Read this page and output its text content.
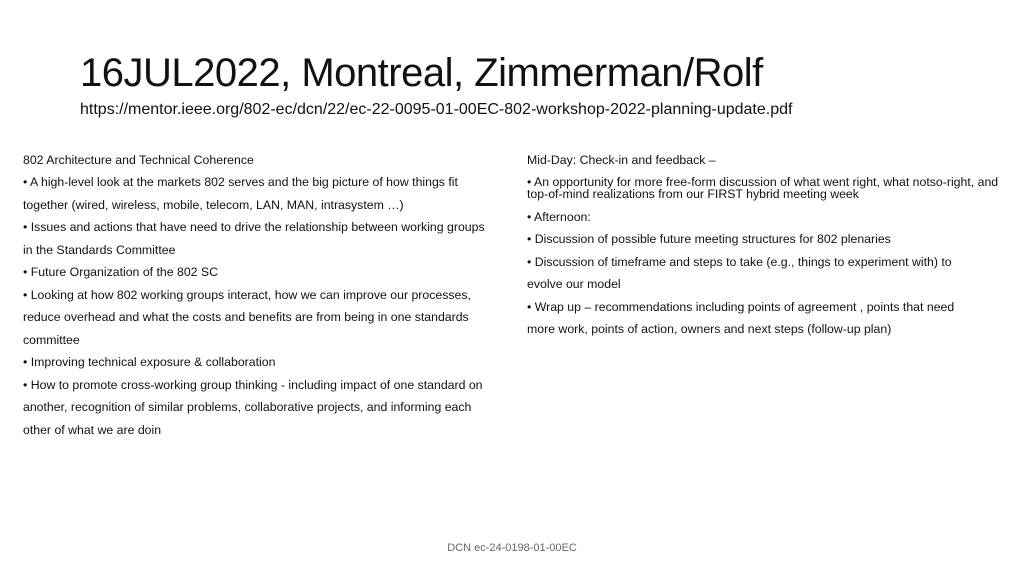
16JUL2022, Montreal, Zimmerman/Rolf
https://mentor.ieee.org/802-ec/dcn/22/ec-22-0095-01-00EC-802-workshop-2022-planning-update.pdf

802 Architecture and Technical Coherence

• A high-level look at the markets 802 serves and the big picture of how things fit

together (wired, wireless, mobile, telecom, LAN, MAN, intrasystem …)

• Issues and actions that have need to drive the relationship between working groups

in the Standards Committee

• Future Organization of the 802 SC

• Looking at how 802 working groups interact, how we can improve our processes,

reduce overhead and what the costs and benefits are from being in one standards

committee

• Improving technical exposure & collaboration

• How to promote cross-working group thinking - including impact of one standard on

another, recognition of similar problems, collaborative projects, and informing each

other of what we are doin

Mid-Day: Check-in and feedback –

• An opportunity for more free-form discussion of what went right, what notso-right, and top-of-mind realizations from our FIRST hybrid meeting week

• Afternoon:

• Discussion of possible future meeting structures for 802 plenaries

• Discussion of timeframe and steps to take (e.g., things to experiment with) to

evolve our model

• Wrap up – recommendations including points of agreement , points that need

more work, points of action, owners and next steps (follow-up plan)

DCN ec-24-0198-01-00EC
